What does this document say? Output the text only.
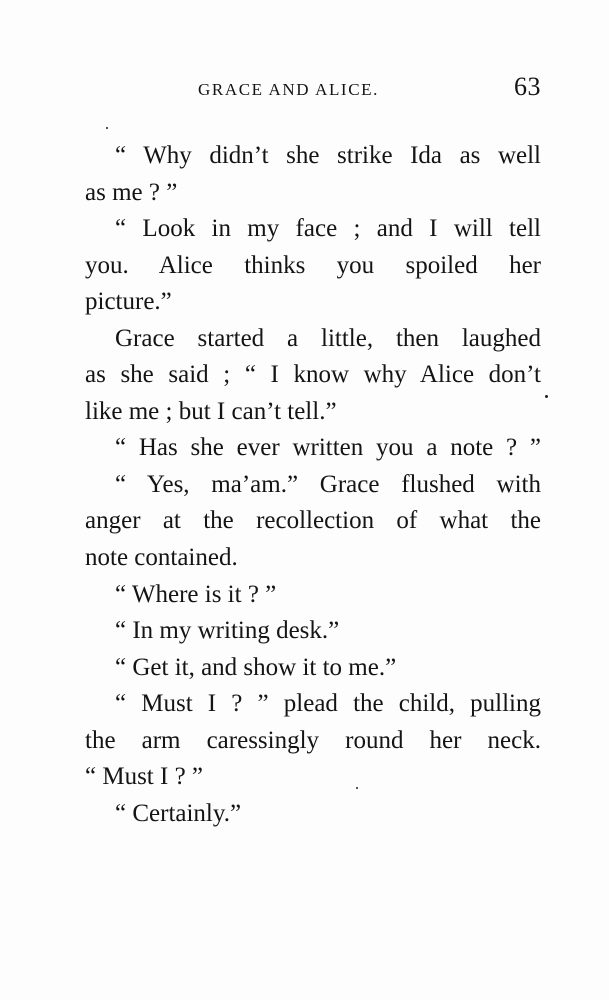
GRACE AND ALICE.	63
“ Why didn’t she strike Ida as well
as me ? ”
“ Look in my face ; and I will tell
you. Alice thinks you spoiled her
picture.”
Grace started a little, then laughed
as she said ; “ I know why Alice don’t
like me ; but I can’t tell.”
“ Has she ever written you a note ? ”
“ Yes, ma’am.” Grace flushed with
anger at the recollection of what the
note contained.
“ Where is it ? ”
“ In my writing desk.”
“ Get it, and show it to me.”
“ Must I ? ” plead the child, pulling
the arm caressingly round her neck.
“ Must I ? ”
“ Certainly.”
